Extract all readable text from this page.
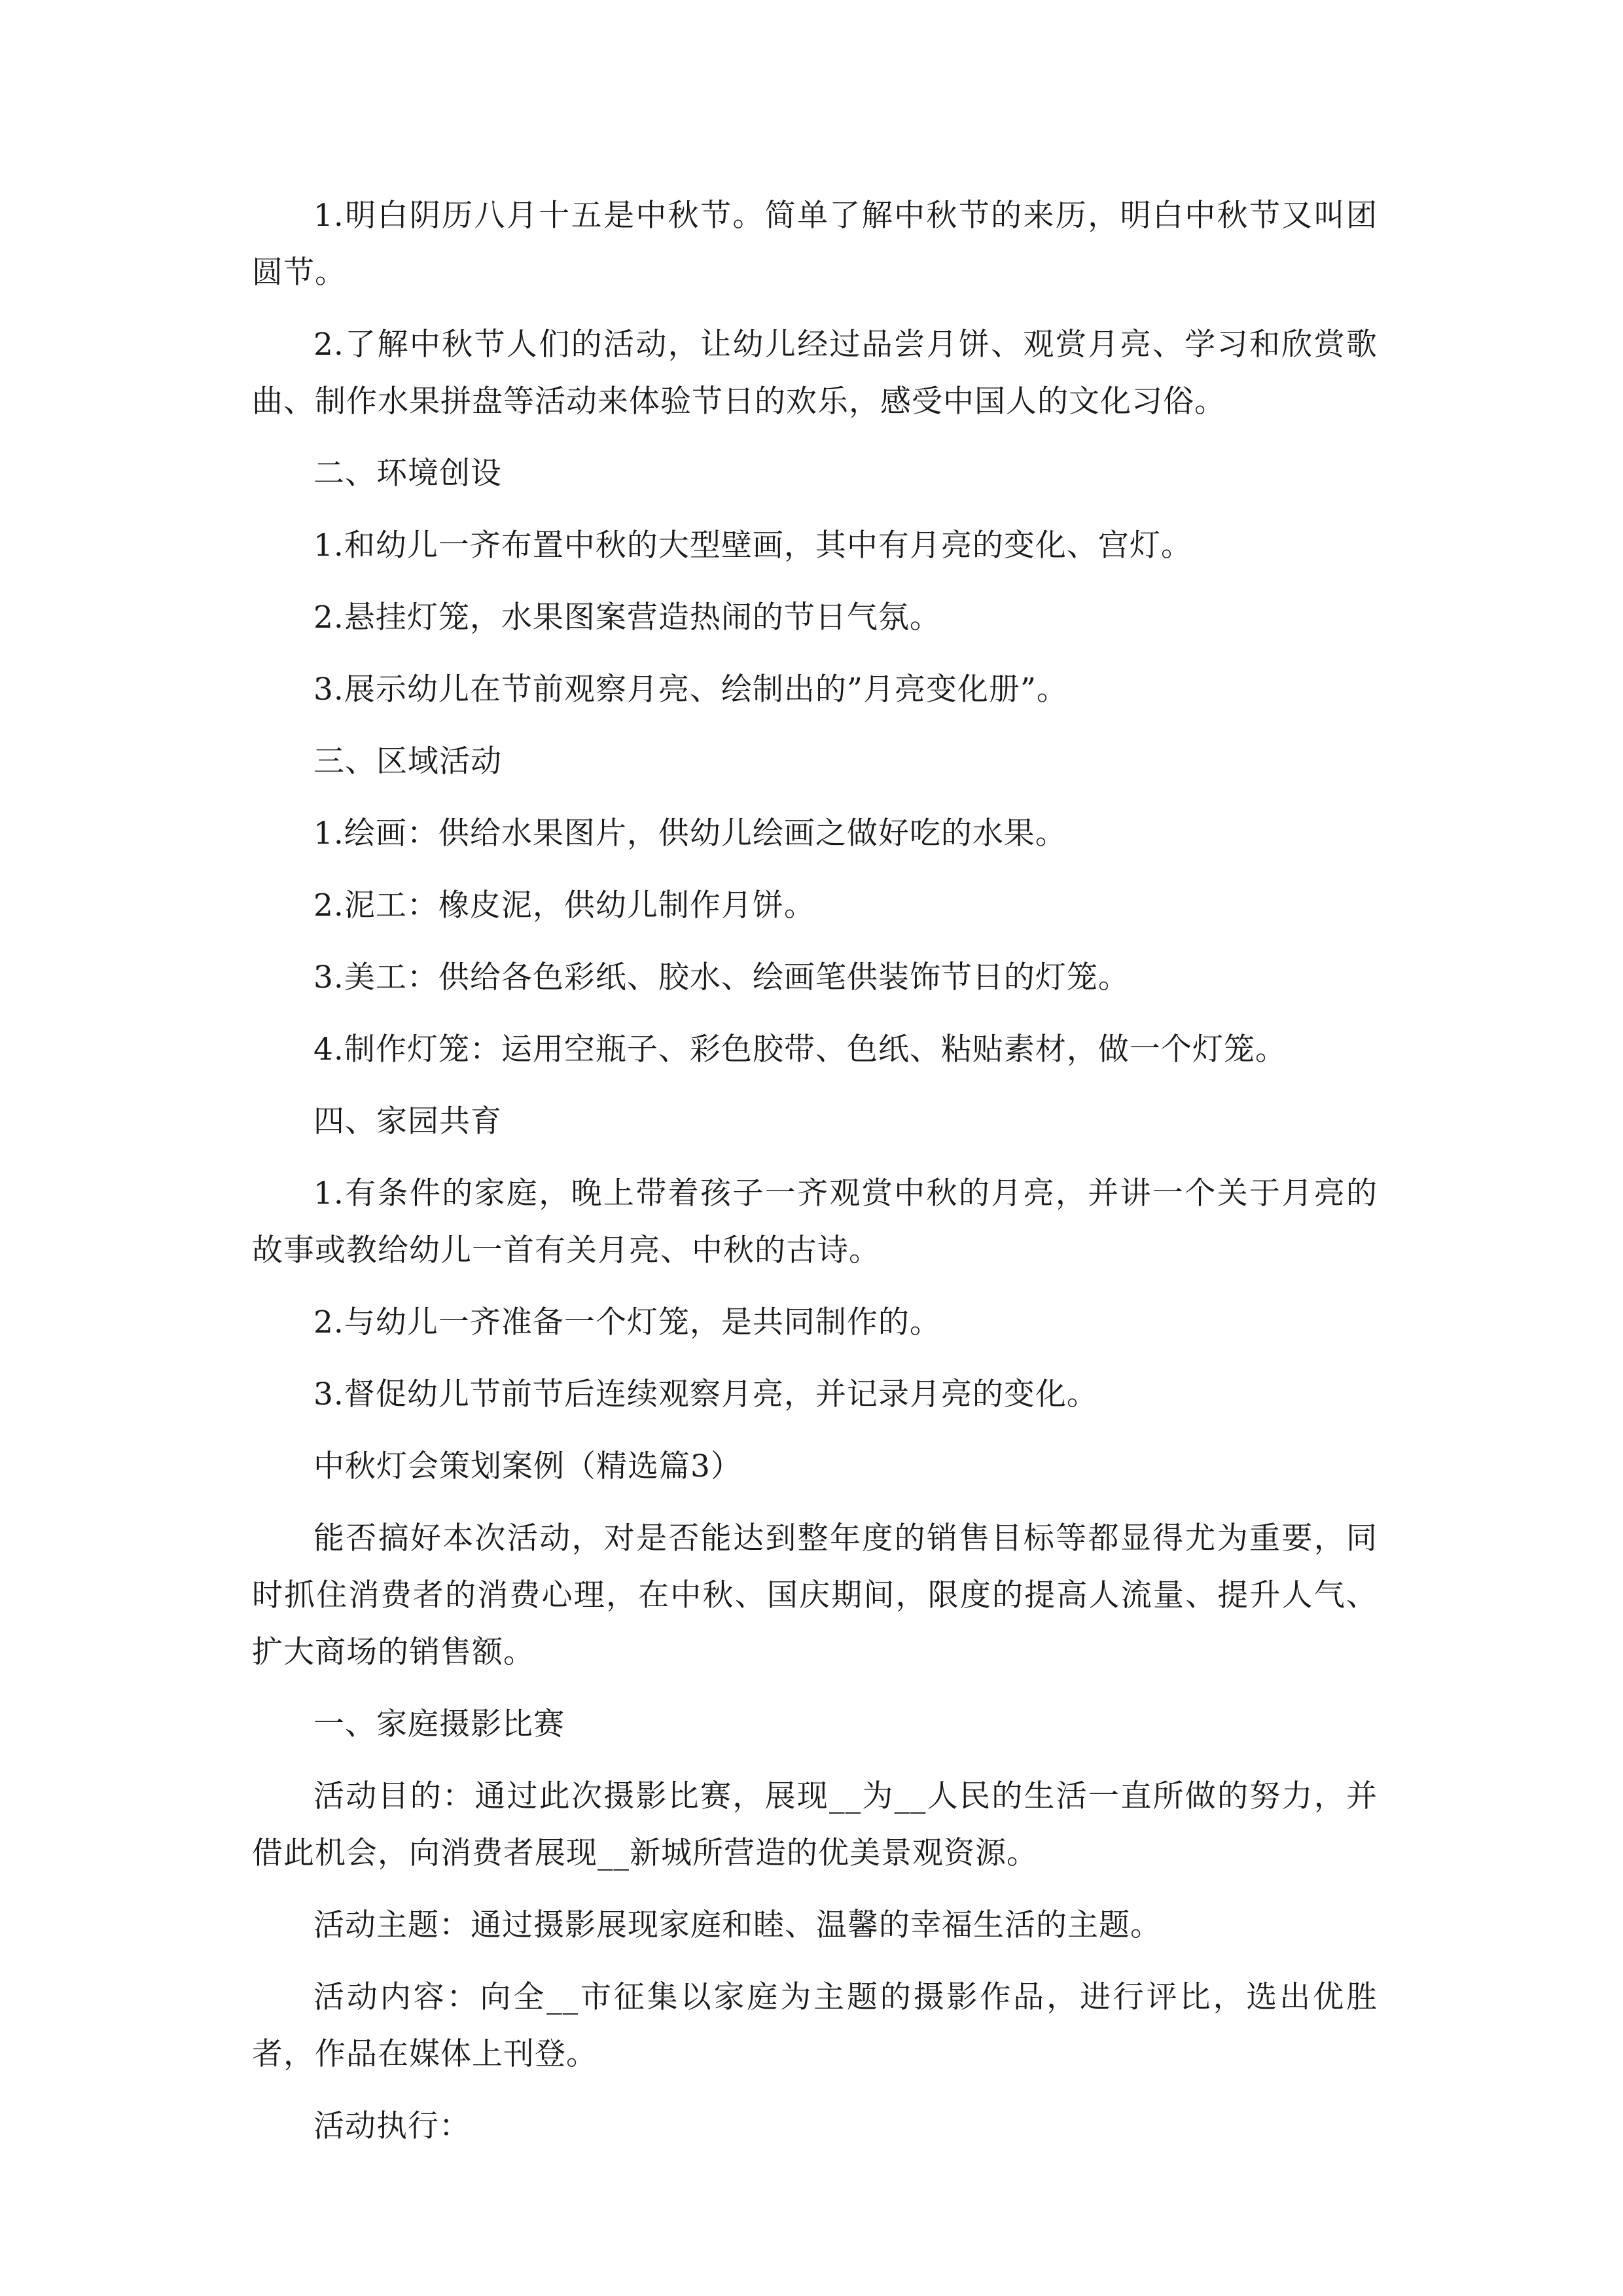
1.明白阴历八月十五是中秋节。简单了解中秋节的来历，明白中秋节又叫团圆节。

2.了解中秋节人们的活动，让幼儿经过品尝月饼、观赏月亮、学习和欣赏歌曲、制作水果拼盘等活动来体验节日的欢乐，感受中国人的文化习俗。

二、环境创设

1.和幼儿一齐布置中秋的大型壁画，其中有月亮的变化、宫灯。

2.悬挂灯笼，水果图案营造热闹的节日气氛。

3.展示幼儿在节前观察月亮、绘制出的”月亮变化册”。

三、区域活动

1.绘画：供给水果图片，供幼儿绘画之做好吃的水果。

2.泥工：橡皮泥，供幼儿制作月饼。

3.美工：供给各色彩纸、胶水、绘画笔供装饰节日的灯笼。

4.制作灯笼：运用空瓶子、彩色胶带、色纸、粘贴素材，做一个灯笼。

四、家园共育

1.有条件的家庭，晚上带着孩子一齐观赏中秋的月亮，并讲一个关于月亮的故事或教给幼儿一首有关月亮、中秋的古诗。

2.与幼儿一齐准备一个灯笼，是共同制作的。

3.督促幼儿节前节后连续观察月亮，并记录月亮的变化。

中秋灯会策划案例（精选篇3）

能否搞好本次活动，对是否能达到整年度的销售目标等都显得尤为重要，同时抓住消费者的消费心理，在中秋、国庆期间，限度的提高人流量、提升人气、扩大商场的销售额。

一、家庭摄影比赛

活动目的：通过此次摄影比赛，展现__为__人民的生活一直所做的努力，并借此机会，向消费者展现__新城所营造的优美景观资源。

活动主题：通过摄影展现家庭和睦、温馨的幸福生活的主题。

活动内容：向全__市征集以家庭为主题的摄影作品，进行评比，选出优胜者，作品在媒体上刊登。

活动执行：
